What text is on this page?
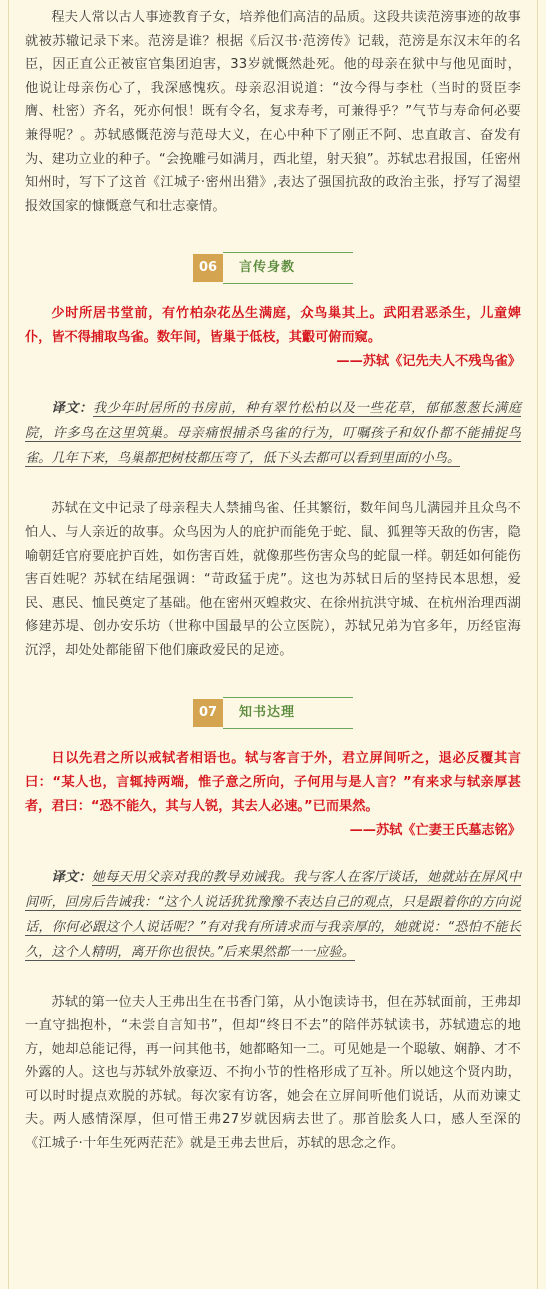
程夫人常以古人事迹教育子女，培养他们高洁的品质。这段共读范滂事迹的故事就被苏辙记录下来。范滂是谁？根据《后汉书·范滂传》记载，范滂是东汉末年的名臣，因正直公正被宦官集团迫害，33岁就慨然赴死。他的母亲在狱中与他见面时，他说让母亲伤心了，我深感愧疚。母亲忍泪说道：“汝今得与李杜（当时的贤臣李膺、杜密）齐名，死亦何恨！既有令名，复求寿考，可兼得乎？”气节与寿命何必要兼得呢？。苏轼感慨范滂与范母大义，在心中种下了刚正不阿、忠直敢言、奋发有为、建功立业的种子。“会挽雕弓如满月，西北望，射天狼”。苏轼忠君报国，任密州知州时，写下了这首《江城子·密州出猎》,表达了强国抗敌的政治主张，抒写了渴望报效国家的慷慨意气和壮志豪情。

06	言传身教

少时所居书堂前，有竹柏杂花丛生满庭，众鸟巢其上。武阳君恶杀生，儿童婢仆，皆不得捕取鸟雀。数年间，皆巢于低枝，其鷇可俯而窥。

——苏轼《记先夫人不残鸟雀》

译文：我少年时居所的书房前，种有翠竹松柏以及一些花草，郁郁葱葱长满庭院，许多鸟在这里筑巢。母亲痛恨捕杀鸟雀的行为，叮嘱孩子和奴仆都不能捕捉鸟雀。几年下来，鸟巢都把树枝都压弯了，低下头去都可以看到里面的小鸟。

苏轼在文中记录了母亲程夫人禁捕鸟雀、任其繁衍，数年间鸟儿满园并且众鸟不怕人、与人亲近的故事。众鸟因为人的庇护而能免于蛇、鼠、狐狸等天敌的伤害，隐喻朝廷官府要庇护百姓，如伤害百姓，就像那些伤害众鸟的蛇鼠一样。朝廷如何能伤害百姓呢？苏轼在结尾强调：“苛政猛于虎”。这也为苏轼日后的坚持民本思想，爱民、惠民、恤民奠定了基础。他在密州灭蝗救灾、在徐州抗洪守城、在杭州治理西湖修建苏堤、创办安乐坊（世称中国最早的公立医院），苏轼兄弟为官多年，历经宦海沉浮，却处处都能留下他们廉政爱民的足迹。

07	知书达理

日以先君之所以戒轼者相语也。轼与客言于外，君立屏间听之，退必反覆其言曰：“某人也，言辄持两端，惟子意之所向，子何用与是人言？”有来求与轼亲厚甚者，君曰：“恐不能久，其与人锐，其去人必速。”已而果然。

——苏轼《亡妻王氏墓志铭》

译文：她每天用父亲对我的教导劝诫我。我与客人在客厅谈话，她就站在屏风中间听，回房后告诫我：“这个人说话犹犹豫豫不表达自己的观点，只是跟着你的方向说话，你何必跟这个人说话呢？”有对我有所请求而与我亲厚的，她就说：“恐怕不能长久，这个人精明，离开你也很快。”后来果然都一一应验。

苏轼的第一位夫人王弗出生在书香门第，从小饱读诗书，但在苏轼面前，王弗却一直守拙抱朴，“未尝自言知书”，但却“终日不去”的陪伴苏轼读书，苏轼遗忘的地方，她却总能记得，再一问其他书，她都略知一二。可见她是一个聪敏、娴静、才不外露的人。这也与苏轼外放豪迈、不拘小节的性格形成了互补。所以她这个贤内助，可以时时提点欢脱的苏轼。每次家有访客，她会在立屏间听他们说话，从而劝谏丈夫。两人感情深厚，但可惜王弗27岁就因病去世了。那首脍炙人口，感人至深的《江城子·十年生死两茫茫》就是王弗去世后，苏轼的思念之作。
